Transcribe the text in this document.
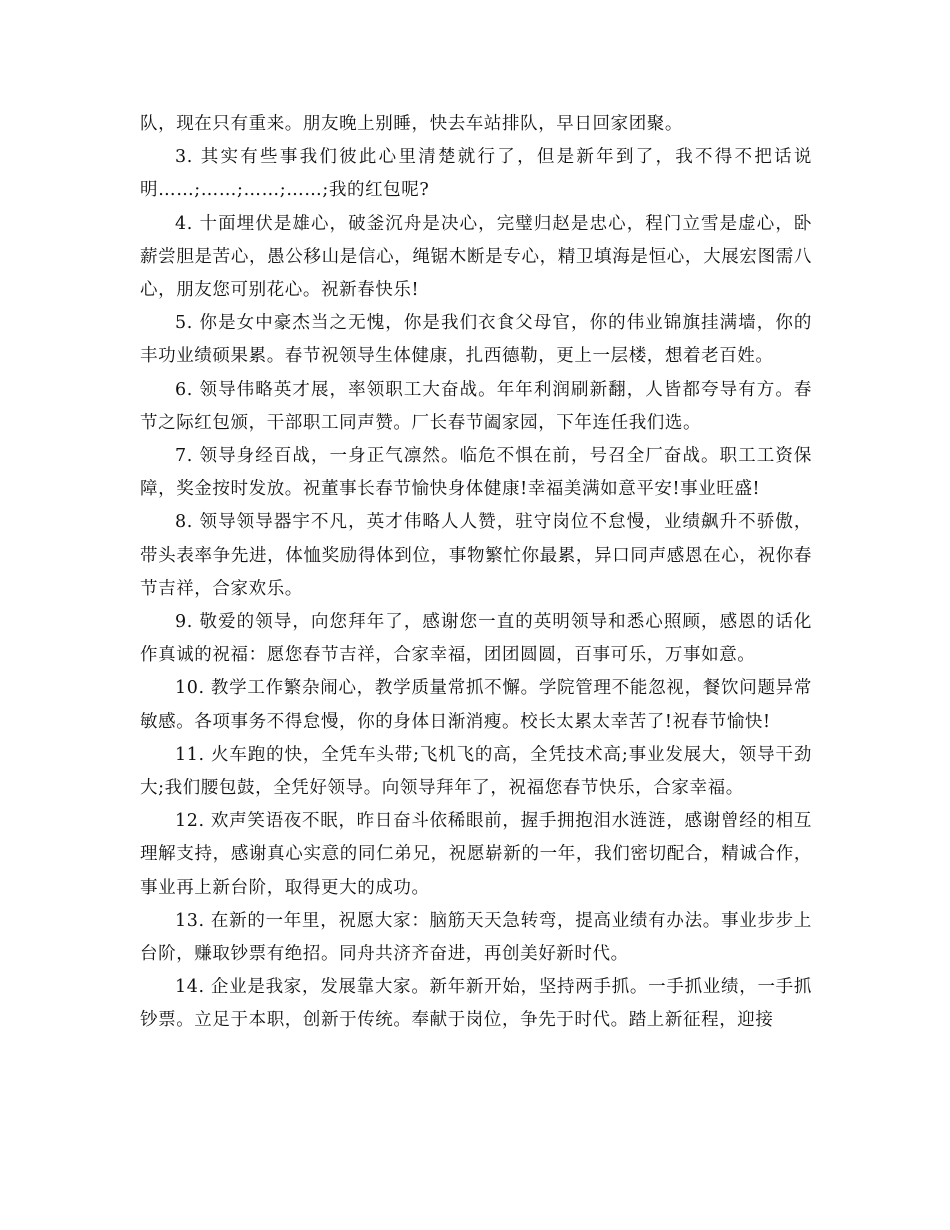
队，现在只有重来。朋友晚上别睡，快去车站排队，早日回家团聚。

3. 其实有些事我们彼此心里清楚就行了，但是新年到了，我不得不把话说明……;……;……;……;我的红包呢?

4. 十面埋伏是雄心，破釜沉舟是决心，完璧归赵是忠心，程门立雪是虚心，卧薪尝胆是苦心，愚公移山是信心，绳锯木断是专心，精卫填海是恒心，大展宏图需八心，朋友您可别花心。祝新春快乐!

5. 你是女中豪杰当之无愧，你是我们衣食父母官，你的伟业锦旗挂满墙，你的丰功业绩硕果累。春节祝领导生体健康，扎西德勒，更上一层楼，想着老百姓。

6. 领导伟略英才展，率领职工大奋战。年年利润刷新翻，人皆都夸导有方。春节之际红包颁，干部职工同声赞。厂长春节阖家园，下年连任我们选。

7. 领导身经百战，一身正气凛然。临危不惧在前，号召全厂奋战。职工工资保障，奖金按时发放。祝董事长春节愉快身体健康!幸福美满如意平安!事业旺盛!

8. 领导领导器宇不凡，英才伟略人人赞，驻守岗位不怠慢，业绩飙升不骄傲，带头表率争先进，体恤奖励得体到位，事物繁忙你最累，异口同声感恩在心，祝你春节吉祥，合家欢乐。

9. 敬爱的领导，向您拜年了，感谢您一直的英明领导和悉心照顾，感恩的话化作真诚的祝福：愿您春节吉祥，合家幸福，团团圆圆，百事可乐，万事如意。

10. 教学工作繁杂闹心，教学质量常抓不懈。学院管理不能忽视，餐饮问题异常敏感。各项事务不得怠慢，你的身体日渐消瘦。校长太累太幸苦了!祝春节愉快!

11. 火车跑的快，全凭车头带;飞机飞的高，全凭技术高;事业发展大，领导干劲大;我们腰包鼓，全凭好领导。向领导拜年了，祝福您春节快乐，合家幸福。

12. 欢声笑语夜不眠，昨日奋斗依稀眼前，握手拥抱泪水涟涟，感谢曾经的相互理解支持，感谢真心实意的同仁弟兄，祝愿崭新的一年，我们密切配合，精诚合作，事业再上新台阶，取得更大的成功。

13. 在新的一年里，祝愿大家：脑筋天天急转弯，提高业绩有办法。事业步步上台阶，赚取钞票有绝招。同舟共济齐奋进，再创美好新时代。

14. 企业是我家，发展靠大家。新年新开始，坚持两手抓。一手抓业绩，一手抓钞票。立足于本职，创新于传统。奉献于岗位，争先于时代。踏上新征程，迎接
